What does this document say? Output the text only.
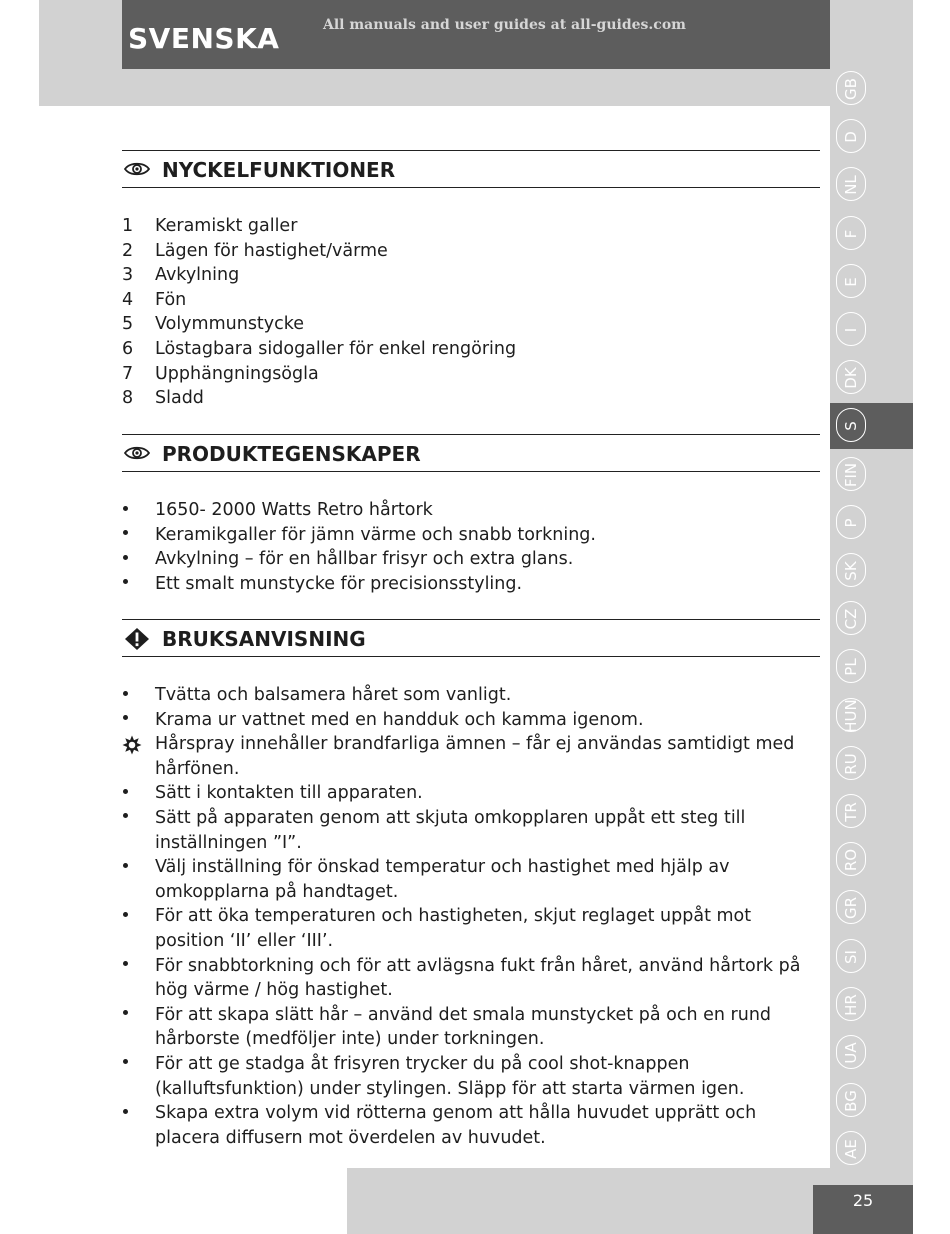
SVENSKA	All manuals and user guides at all-guides.com
GB
D
NL
F
E
I
DK
S
FIN
P
SK
CZ
PL
HUN
RU
TR
RO
GR
SI
HR
UA
BG
AE
NYCKELFUNKTIONER
1	Keramiskt galler
2	Lägen för hastighet/värme
3	Avkylning
4	Fön
5	Volymmunstycke
6	Löstagbara sidogaller för enkel rengöring
7	Upphängningsögla
8	Sladd
PRODUKTEGENSKAPER
1650- 2000 Watts Retro hårtork
Keramikgaller för jämn värme och snabb torkning.
Avkylning – för en hållbar frisyr och extra glans.
Ett smalt munstycke för precisionsstyling.
BRUKSANVISNING
Tvätta och balsamera håret som vanligt.
Krama ur vattnet med en handduk och kamma igenom.
Hårspray innehåller brandfarliga ämnen – får ej användas samtidigt med hårfönen.
Sätt i kontakten till apparaten.
Sätt på apparaten genom att skjuta omkopplaren uppåt ett steg till inställningen ”I”.
Välj inställning för önskad temperatur och hastighet med hjälp av omkopplarna på handtaget.
För att öka temperaturen och hastigheten, skjut reglaget uppåt mot position ‘II’ eller ‘III’.
För snabbtorkning och för att avlägsna fukt från håret, använd hårtork på hög värme / hög hastighet.
För att skapa slätt hår – använd det smala munstycket på och en rund hårborste (medföljer inte) under torkningen.
För att ge stadga åt frisyren trycker du på cool shot-knappen (kalluftsfunktion) under stylingen. Släpp för att starta värmen igen.
Skapa extra volym vid rötterna genom att hålla huvudet upprätt och placera diffusern mot överdelen av huvudet.
25
